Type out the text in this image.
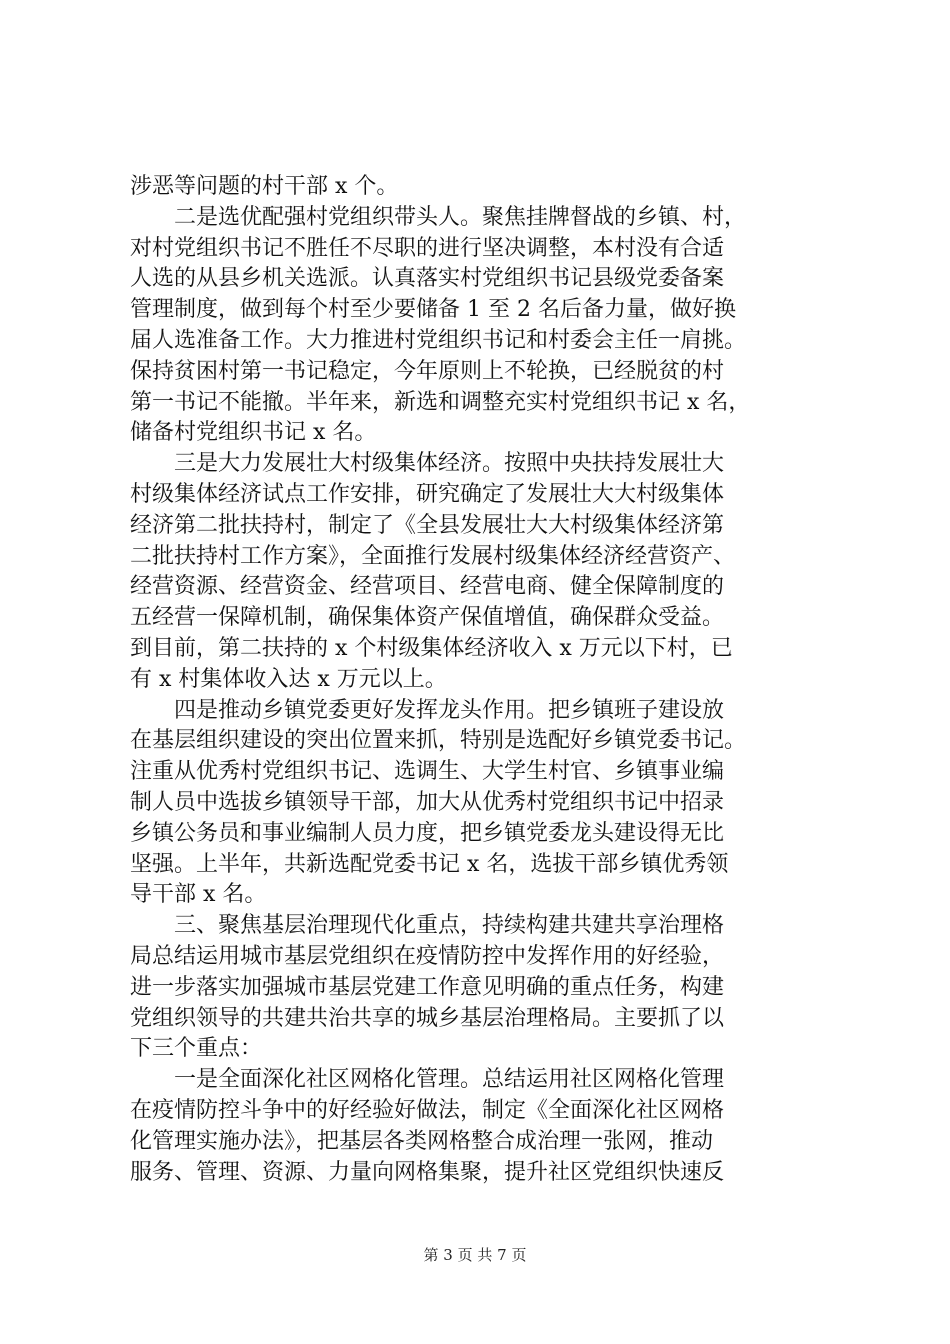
涉恶等问题的村干部 x 个。
二是选优配强村党组织带头人。聚焦挂牌督战的乡镇、村，
对村党组织书记不胜任不尽职的进行坚决调整，本村没有合适
人选的从县乡机关选派。认真落实村党组织书记县级党委备案
管理制度，做到每个村至少要储备 1 至 2 名后备力量，做好换
届人选准备工作。大力推进村党组织书记和村委会主任一肩挑。
保持贫困村第一书记稳定，今年原则上不轮换，已经脱贫的村
第一书记不能撤。半年来，新选和调整充实村党组织书记 x 名，
储备村党组织书记 x 名。
三是大力发展壮大村级集体经济。按照中央扶持发展壮大
村级集体经济试点工作安排，研究确定了发展壮大大村级集体
经济第二批扶持村，制定了《全县发展壮大大村级集体经济第
二批扶持村工作方案》，全面推行发展村级集体经济经营资产、
经营资源、经营资金、经营项目、经营电商、健全保障制度的
五经营一保障机制，确保集体资产保值增值，确保群众受益。
到目前，第二扶持的 x 个村级集体经济收入 x 万元以下村，已
有 x 村集体收入达 x 万元以上。
四是推动乡镇党委更好发挥龙头作用。把乡镇班子建设放
在基层组织建设的突出位置来抓，特别是选配好乡镇党委书记。
注重从优秀村党组织书记、选调生、大学生村官、乡镇事业编
制人员中选拔乡镇领导干部，加大从优秀村党组织书记中招录
乡镇公务员和事业编制人员力度，把乡镇党委龙头建设得无比
坚强。上半年，共新选配党委书记 x 名，选拔干部乡镇优秀领
导干部 x 名。
三、聚焦基层治理现代化重点，持续构建共建共享治理格
局总结运用城市基层党组织在疫情防控中发挥作用的好经验，
进一步落实加强城市基层党建工作意见明确的重点任务，构建
党组织领导的共建共治共享的城乡基层治理格局。主要抓了以
下三个重点：
一是全面深化社区网格化管理。总结运用社区网格化管理
在疫情防控斗争中的好经验好做法，制定《全面深化社区网格
化管理实施办法》，把基层各类网格整合成治理一张网，推动
服务、管理、资源、力量向网格集聚，提升社区党组织快速反
第 3 页 共 7 页
